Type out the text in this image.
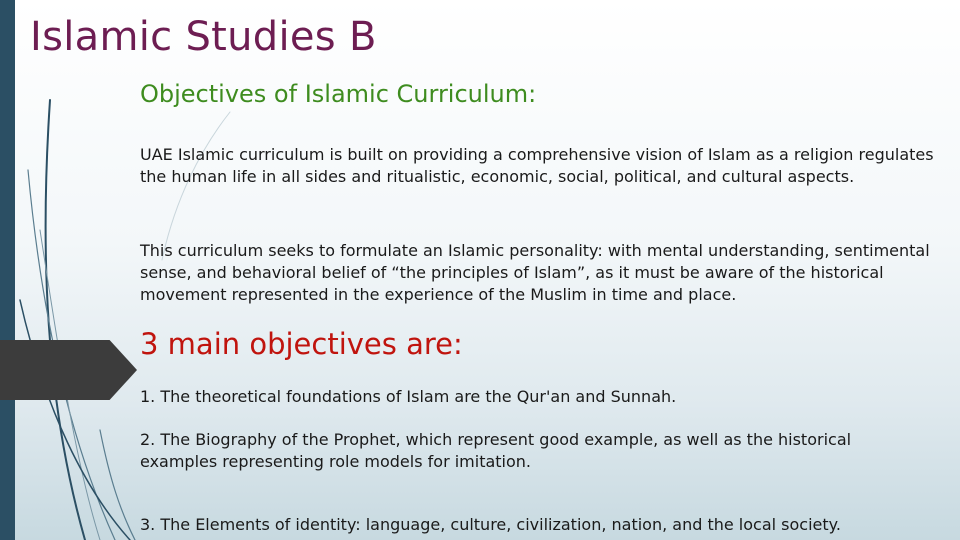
Islamic Studies B
Objectives of Islamic Curriculum:

UAE Islamic curriculum is built on providing a comprehensive vision of Islam as a religion regulates the human life in all sides and ritualistic, economic, social, political, and cultural aspects.

This curriculum seeks to formulate an Islamic personality: with mental understanding, sentimental sense, and behavioral belief of “the principles of Islam”, as it must be aware of the historical movement represented in the experience of the Muslim in time and place.

3 main objectives are:

1. The theoretical foundations of Islam are the Qur'an and Sunnah.

2. The Biography of the Prophet, which represent good example, as well as the historical examples representing role models for imitation.

3. The Elements of identity: language, culture, civilization, nation, and the local society.
